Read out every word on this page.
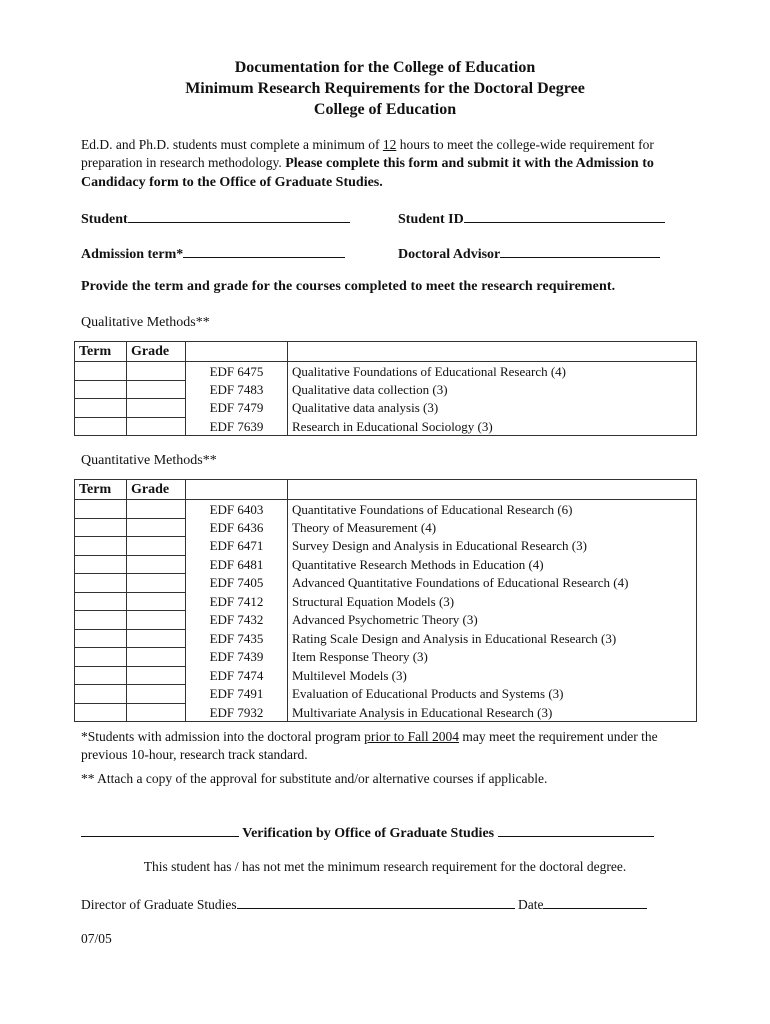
Documentation for the College of Education
Minimum Research Requirements for the Doctoral Degree
College of Education
Ed.D. and Ph.D. students must complete a minimum of 12 hours to meet the college-wide requirement for preparation in research methodology. Please complete this form and submit it with the Admission to Candidacy form to the Office of Graduate Studies.
Student	Student ID
Admission term*	Doctoral Advisor
Provide the term and grade for the courses completed to meet the research requirement.
Qualitative Methods**
Term	Grade		
		EDF 6475	Qualitative Foundations of Educational Research (4)
		EDF 7483	Qualitative data collection (3)
		EDF 7479	Qualitative data analysis (3)
		EDF 7639	Research in Educational Sociology (3)
Quantitative Methods**
Term	Grade		
		EDF 6403	Quantitative Foundations of Educational Research (6)
		EDF 6436	Theory of Measurement (4)
		EDF 6471	Survey Design and Analysis in Educational Research (3)
		EDF 6481	Quantitative Research Methods in Education (4)
		EDF 7405	Advanced Quantitative Foundations of Educational Research (4)
		EDF 7412	Structural Equation Models (3)
		EDF 7432	Advanced Psychometric Theory (3)
		EDF 7435	Rating Scale Design and Analysis in Educational Research (3)
		EDF 7439	Item Response Theory (3)
		EDF 7474	Multilevel Models (3)
		EDF 7491	Evaluation of Educational Products and Systems (3)
		EDF 7932	Multivariate Analysis in Educational Research (3)
*Students with admission into the doctoral program prior to Fall 2004 may meet the requirement under the previous 10-hour, research track standard.
** Attach a copy of the approval for substitute and/or alternative courses if applicable.
Verification by Office of Graduate Studies
This student has / has not met the minimum research requirement for the doctoral degree.
Director of Graduate Studies	Date
07/05
